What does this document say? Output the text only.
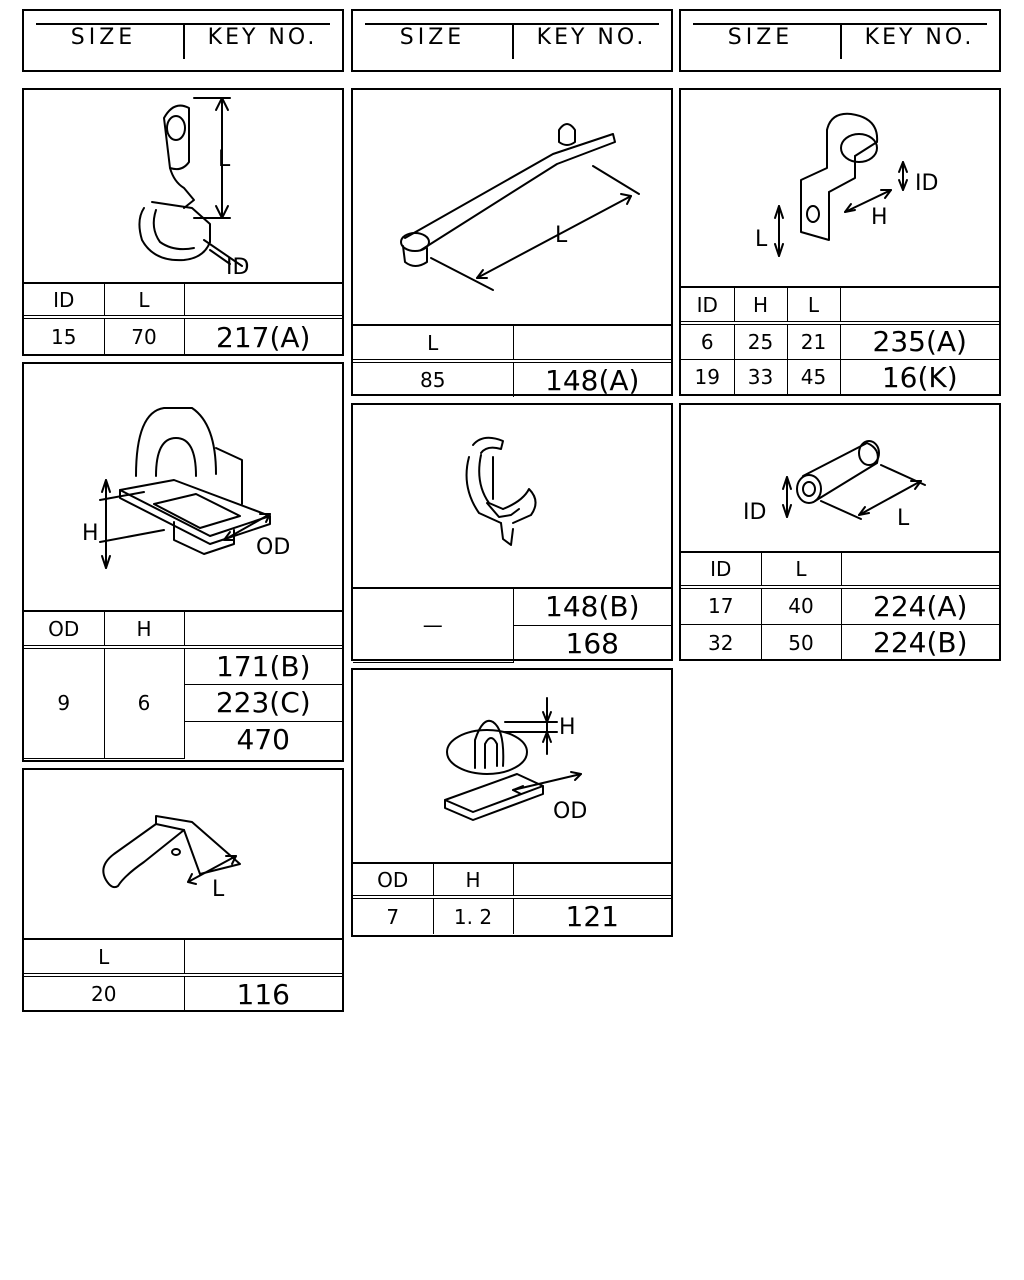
SIZE	KEY NO.	SIZE	KEY NO.	SIZE	KEY NO.
L
ID
ID	L	
15	70	217(A)
H
OD
OD	H	
9	6	171(B)
		223(C)
		470
L
L	
20	116
L
L	
85	148(A)
—	148(B)
168
H
OD
OD	H	
7	1. 2	121
ID
H
L
ID	H	L	
6	25	21	235(A)
19	33	45	16(K)
ID	L
ID	L	
17	40	224(A)
32	50	224(B)
